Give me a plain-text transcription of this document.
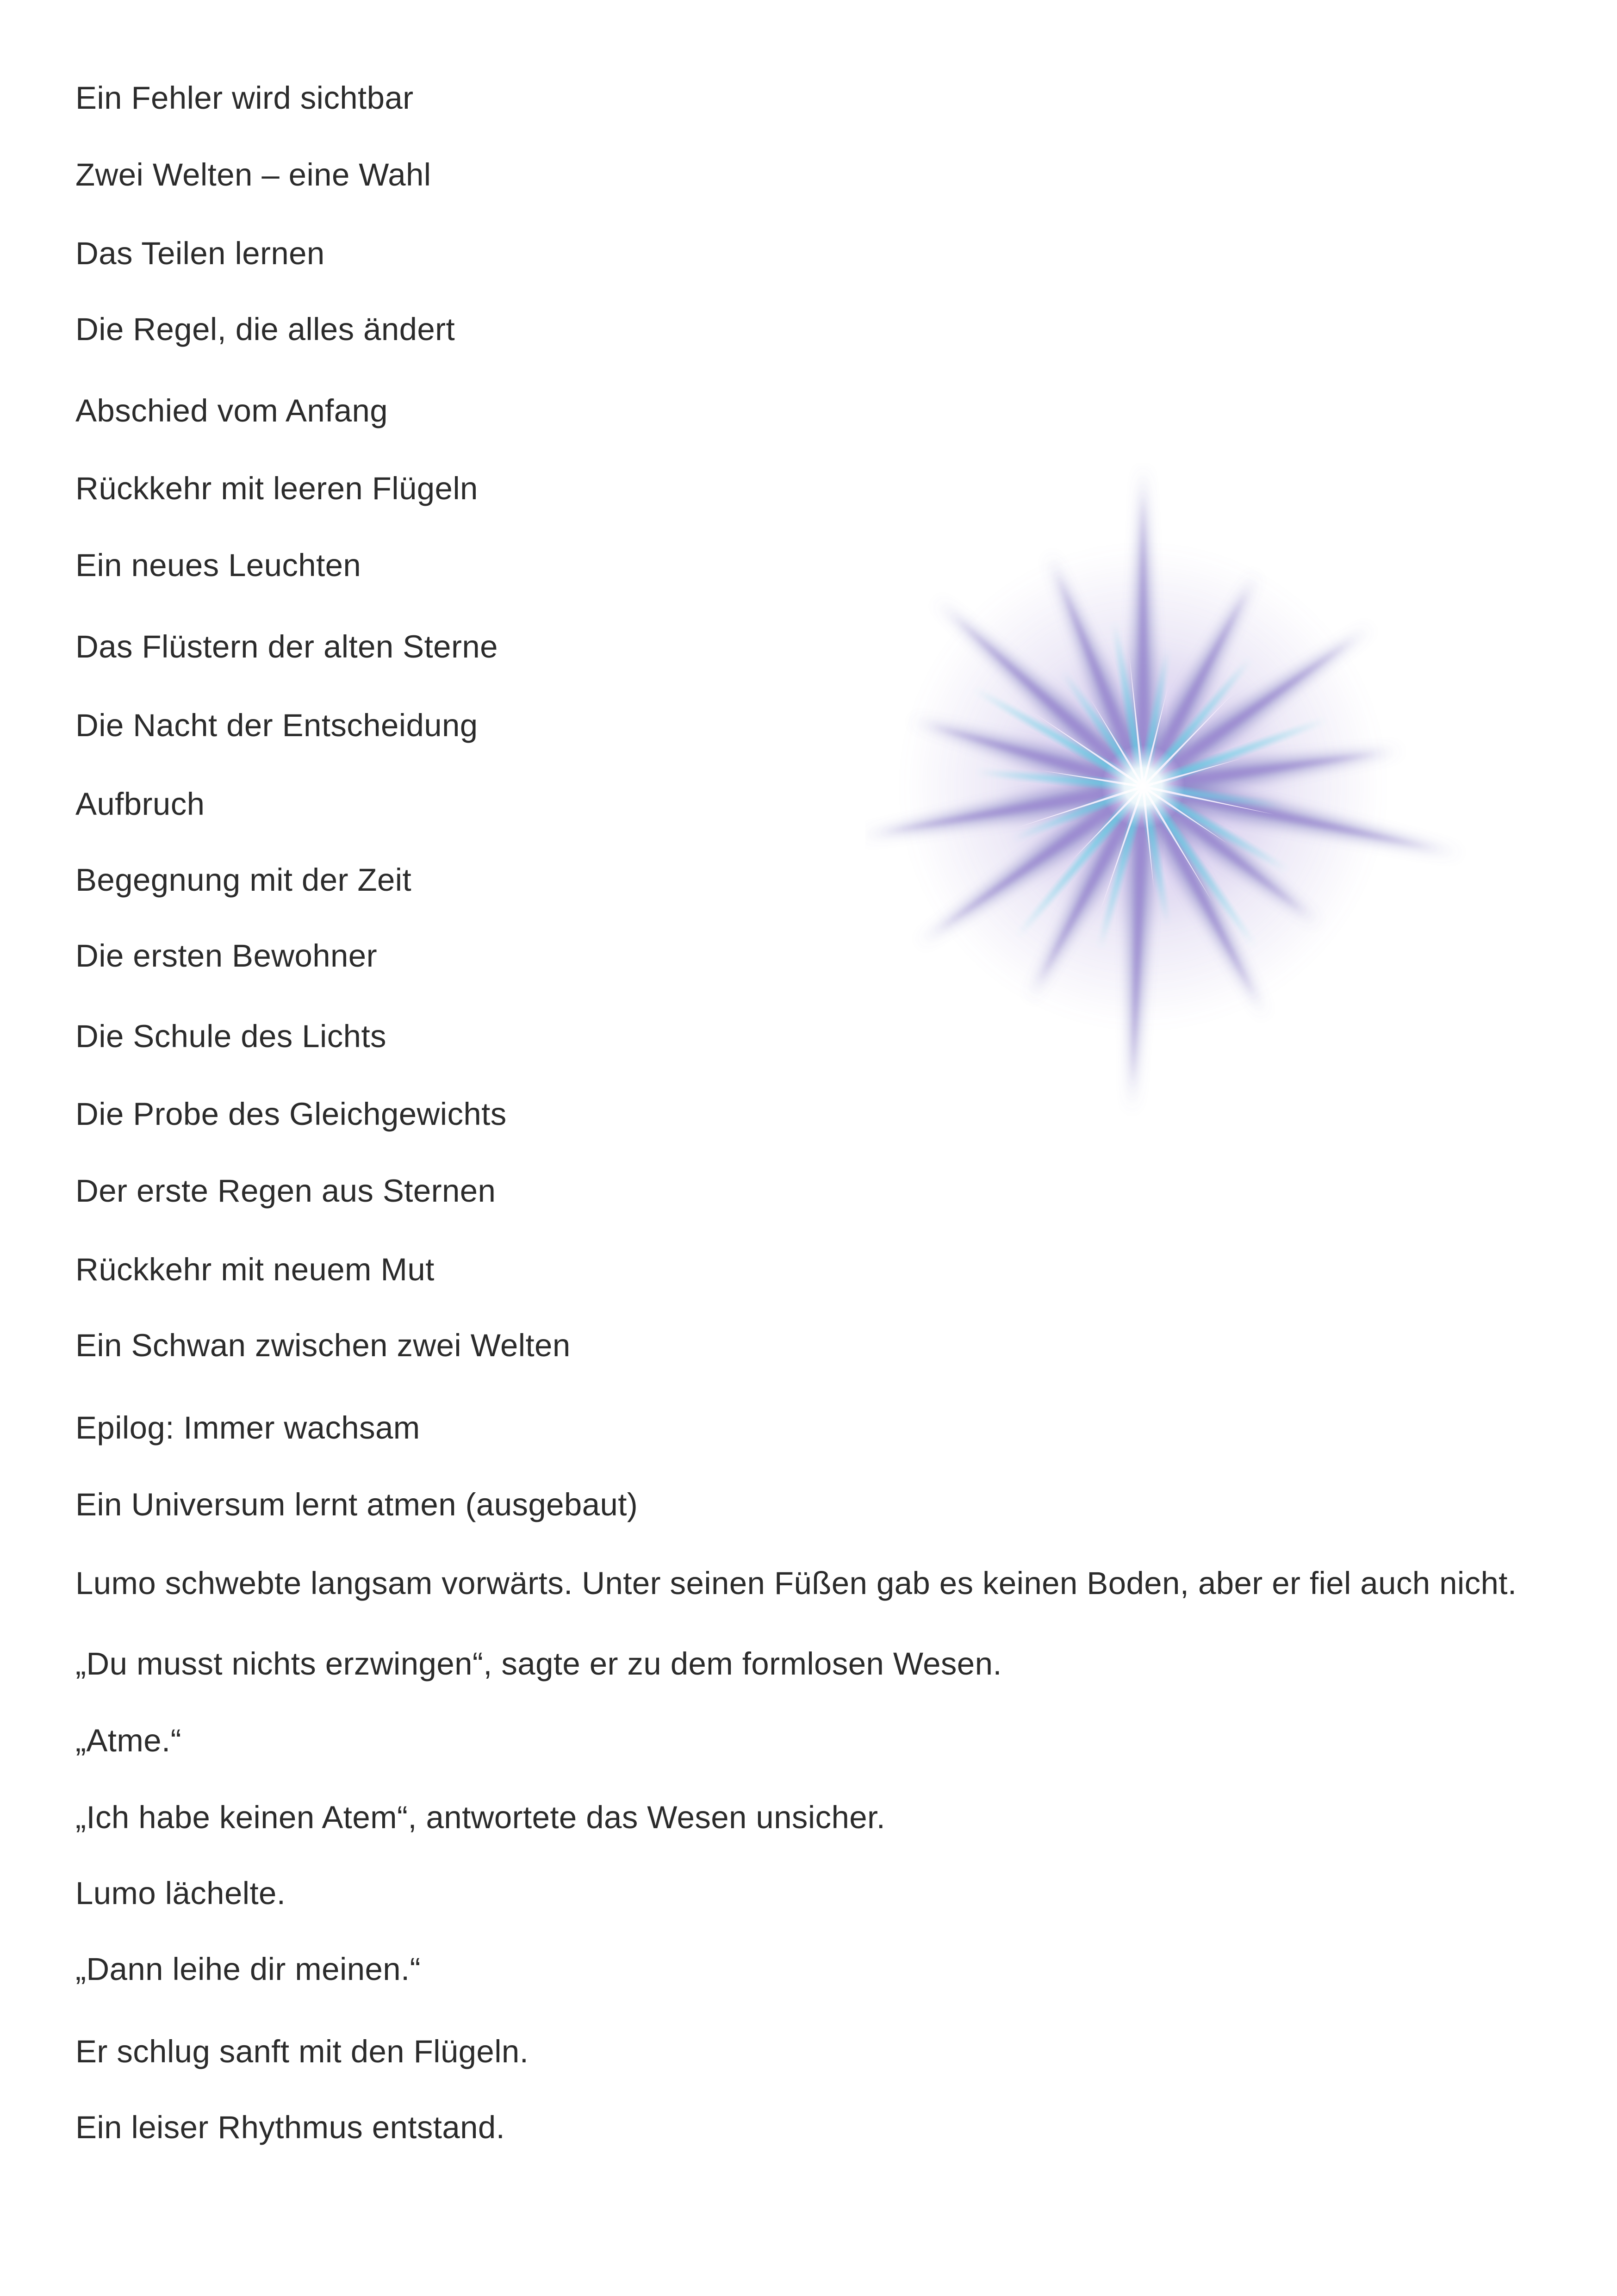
Ein Fehler wird sichtbar
Zwei Welten – eine Wahl
Das Teilen lernen
Die Regel, die alles ändert
Abschied vom Anfang
Rückkehr mit leeren Flügeln
Ein neues Leuchten
Das Flüstern der alten Sterne
Die Nacht der Entscheidung
Aufbruch
Begegnung mit der Zeit
Die ersten Bewohner
Die Schule des Lichts
Die Probe des Gleichgewichts
Der erste Regen aus Sternen
Rückkehr mit neuem Mut
Ein Schwan zwischen zwei Welten
Epilog: Immer wachsam
Ein Universum lernt atmen (ausgebaut)
Lumo schwebte langsam vorwärts. Unter seinen Füßen gab es keinen Boden, aber er fiel auch nicht.
„Du musst nichts erzwingen“, sagte er zu dem formlosen Wesen.
„Atme.“
„Ich habe keinen Atem“, antwortete das Wesen unsicher.
Lumo lächelte.
„Dann leihe dir meinen.“
Er schlug sanft mit den Flügeln.
Ein leiser Rhythmus entstand.
